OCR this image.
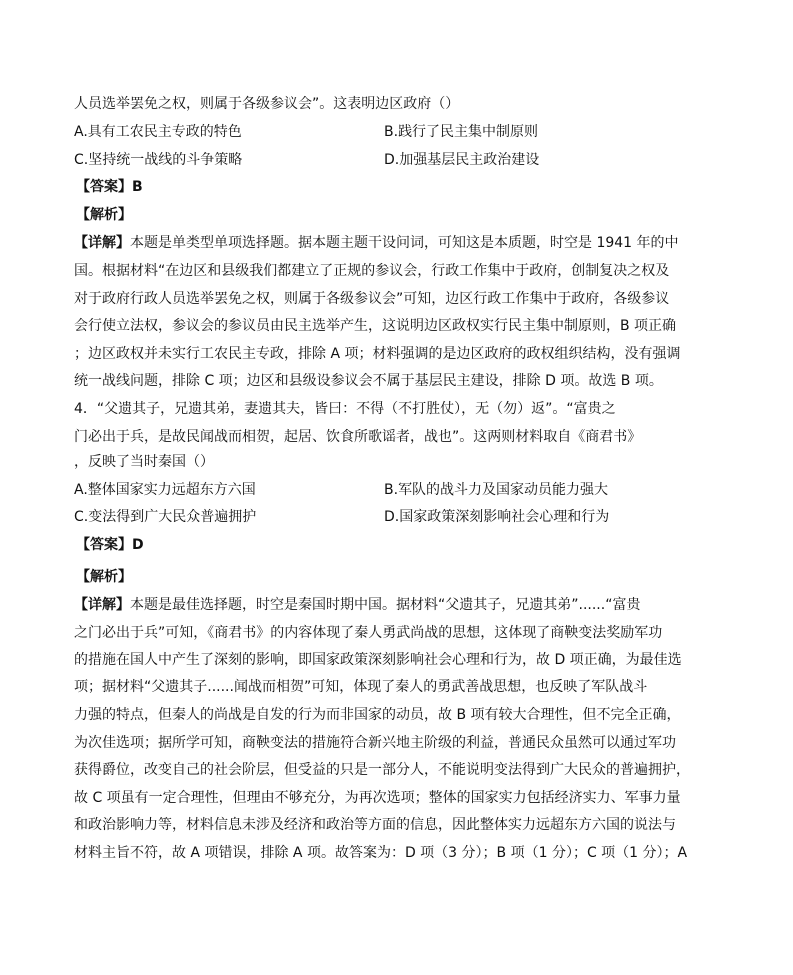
人员选举罢免之权，则属于各级参议会”。这表明边区政府（）
A.具有工农民主专政的特色	B.践行了民主集中制原则
C.坚持统一战线的斗争策略	D.加强基层民主政治建设
【答案】B
【解析】
【详解】本题是单类型单项选择题。据本题主题干设问词，可知这是本质题，时空是 1941 年的中
国。根据材料“在边区和县级我们都建立了正规的参议会，行政工作集中于政府，创制复决之权及
对于政府行政人员选举罢免之权，则属于各级参议会”可知，边区行政工作集中于政府，各级参议
会行使立法权，参议会的参议员由民主选举产生，这说明边区政权实行民主集中制原则，B 项正确
；边区政权并未实行工农民主专政，排除 A 项；材料强调的是边区政府的政权组织结构，没有强调
统一战线问题，排除 C 项；边区和县级设参议会不属于基层民主建设，排除 D 项。故选 B 项。
4．“父遗其子，兄遗其弟，妻遗其夫，皆曰：不得（不打胜仗），无（勿）返”。“富贵之
门必出于兵，是故民闻战而相贺，起居、饮食所歌谣者，战也”。这两则材料取自《商君书》
，反映了当时秦国（）
A.整体国家实力远超东方六国	B.军队的战斗力及国家动员能力强大
C.变法得到广大民众普遍拥护	D.国家政策深刻影响社会心理和行为
【答案】D
【解析】
【详解】本题是最佳选择题，时空是秦国时期中国。据材料“父遗其子，兄遗其弟”......“富贵
之门必出于兵”可知，《商君书》的内容体现了秦人勇武尚战的思想，这体现了商鞅变法奖励军功
的措施在国人中产生了深刻的影响，即国家政策深刻影响社会心理和行为，故 D 项正确，为最佳选
项；据材料“父遗其子......闻战而相贺”可知，体现了秦人的勇武善战思想，也反映了军队战斗
力强的特点，但秦人的尚战是自发的行为而非国家的动员，故 B 项有较大合理性，但不完全正确，
为次佳选项；据所学可知，商鞅变法的措施符合新兴地主阶级的利益，普通民众虽然可以通过军功
获得爵位，改变自己的社会阶层，但受益的只是一部分人，不能说明变法得到广大民众的普遍拥护，
故 C 项虽有一定合理性，但理由不够充分，为再次选项；整体的国家实力包括经济实力、军事力量
和政治影响力等，材料信息未涉及经济和政治等方面的信息，因此整体实力远超东方六国的说法与
材料主旨不符，故 A 项错误，排除 A 项。故答案为：D 项（3 分）；B 项（1 分）；C 项（1 分）；A
